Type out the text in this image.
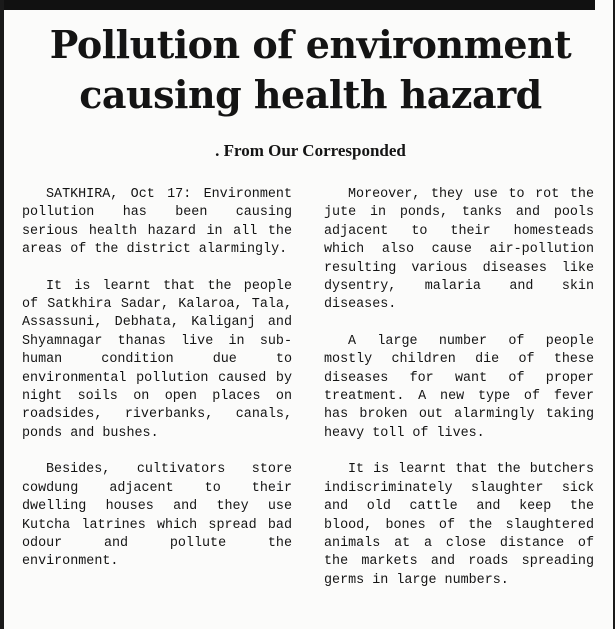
Pollution of environment
causing health hazard
. From Our Corresponded

SATKHIRA, Oct 17: Environment pollution has been causing serious health hazard in all the areas of the district alarmingly.

It is learnt that the people of Satkhira Sadar, Kalaroa, Tala, Assassuni, Debhata, Kaliganj and Shyamnagar thanas live in sub-human condition due to environmental pollution caused by night soils on open places on roadsides, riverbanks, canals, ponds and bushes.

Besides, cultivators store cowdung adjacent to their dwelling houses and they use Kutcha latrines which spread bad odour and pollute the environment.

Moreover, they use to rot the jute in ponds, tanks and pools adjacent to their homesteads which also cause air-pollution resulting various diseases like dysentry, malaria and skin diseases.

A large number of people mostly children die of these diseases for want of proper treatment. A new type of fever has broken out alarmingly taking heavy toll of lives.

It is learnt that the butchers indiscriminately slaughter sick and old cattle and keep the blood, bones of the slaughtered animals at a close distance of the markets and roads spreading germs in large numbers.
